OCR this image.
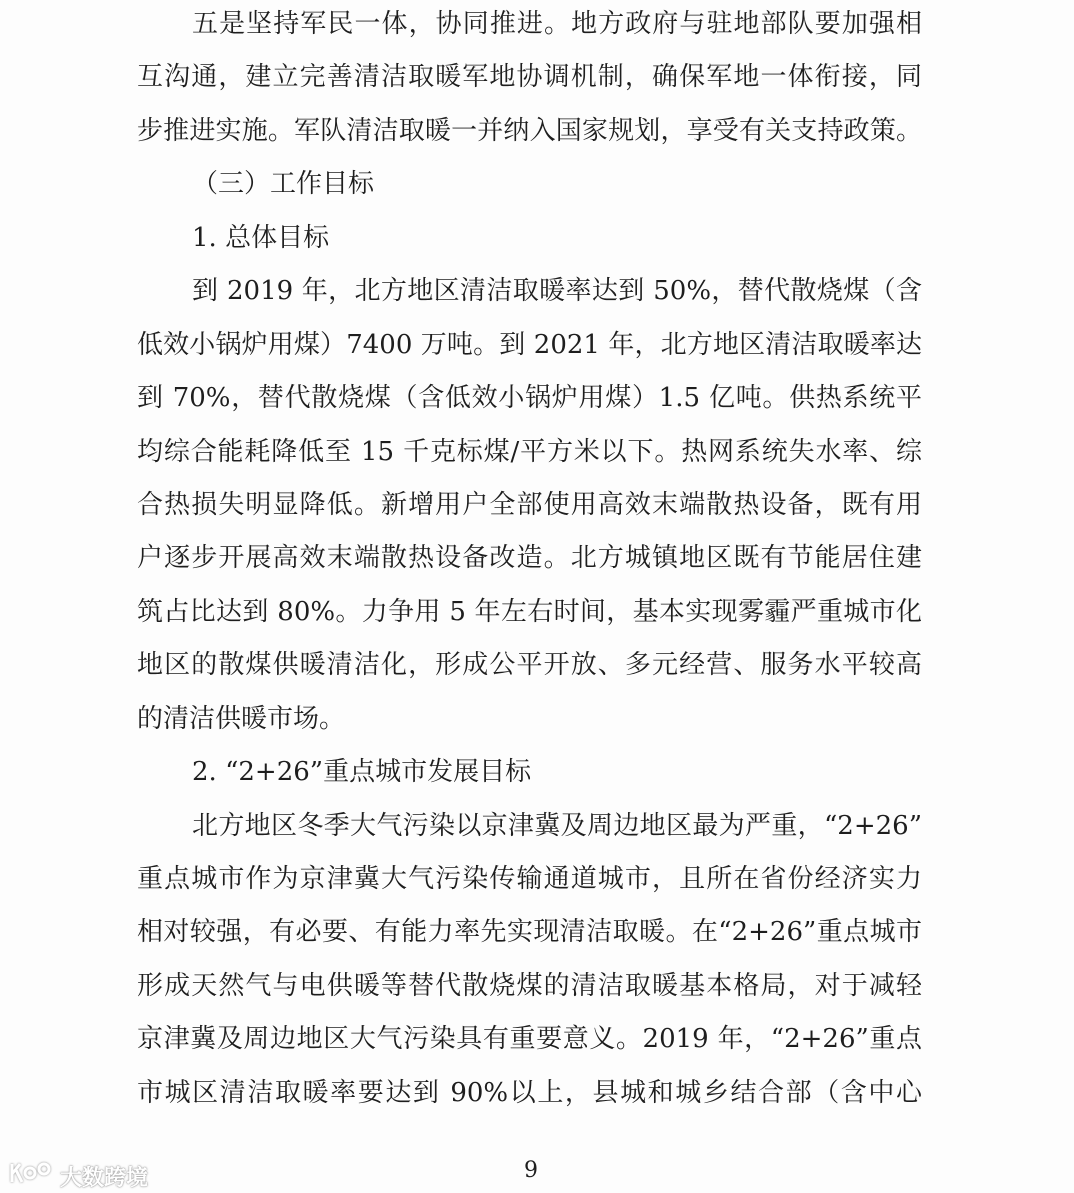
五是坚持军民一体，协同推进。地方政府与驻地部队要加强相
互沟通，建立完善清洁取暖军地协调机制，确保军地一体衔接，同
步推进实施。军队清洁取暖一并纳入国家规划，享受有关支持政策。
（三）工作目标
1. 总体目标
到 2019 年，北方地区清洁取暖率达到 50%，替代散烧煤（含
低效小锅炉用煤）7400 万吨。到 2021 年，北方地区清洁取暖率达
到 70%，替代散烧煤（含低效小锅炉用煤）1.5 亿吨。供热系统平
均综合能耗降低至 15 千克标煤/平方米以下。热网系统失水率、综
合热损失明显降低。新增用户全部使用高效末端散热设备，既有用
户逐步开展高效末端散热设备改造。北方城镇地区既有节能居住建
筑占比达到 80%。力争用 5 年左右时间，基本实现雾霾严重城市化
地区的散煤供暖清洁化，形成公平开放、多元经营、服务水平较高
的清洁供暖市场。
2. “2+26”重点城市发展目标
北方地区冬季大气污染以京津冀及周边地区最为严重，“2+26”
重点城市作为京津冀大气污染传输通道城市，且所在省份经济实力
相对较强，有必要、有能力率先实现清洁取暖。在“2+26”重点城市
形成天然气与电供暖等替代散烧煤的清洁取暖基本格局，对于减轻
京津冀及周边地区大气污染具有重要意义。2019 年，“2+26”重点
市城区清洁取暖率要达到 90%以上，县城和城乡结合部（含中心
9
大数跨境
